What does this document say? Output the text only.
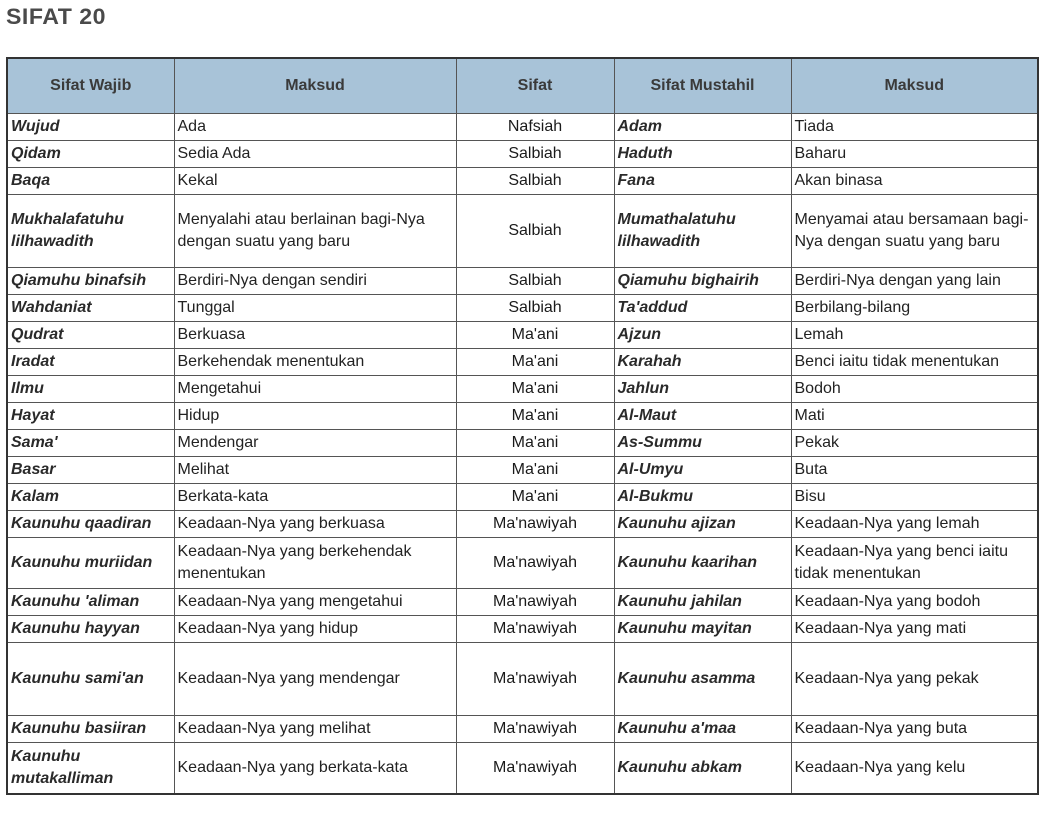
SIFAT 20
Sifat Wajib	Maksud	Sifat	Sifat Mustahil	Maksud
Wujud	Ada	Nafsiah	Adam	Tiada
Qidam	Sedia Ada	Salbiah	Haduth	Baharu
Baqa	Kekal	Salbiah	Fana	Akan binasa
Mukhalafatuhu lilhawadith	Menyalahi atau berlainan bagi-Nya dengan suatu yang baru	Salbiah	Mumathalatuhu lilhawadith	Menyamai atau bersamaan bagi-Nya dengan suatu yang baru
Qiamuhu binafsih	Berdiri-Nya dengan sendiri	Salbiah	Qiamuhu bighairih	Berdiri-Nya dengan yang lain
Wahdaniat	Tunggal	Salbiah	Ta'addud	Berbilang-bilang
Qudrat	Berkuasa	Ma'ani	Ajzun	Lemah
Iradat	Berkehendak menentukan	Ma'ani	Karahah	Benci iaitu tidak menentukan
Ilmu	Mengetahui	Ma'ani	Jahlun	Bodoh
Hayat	Hidup	Ma'ani	Al-Maut	Mati
Sama'	Mendengar	Ma'ani	As-Summu	Pekak
Basar	Melihat	Ma'ani	Al-Umyu	Buta
Kalam	Berkata-kata	Ma'ani	Al-Bukmu	Bisu
Kaunuhu qaadiran	Keadaan-Nya yang berkuasa	Ma'nawiyah	Kaunuhu ajizan	Keadaan-Nya yang lemah
Kaunuhu muriidan	Keadaan-Nya yang berkehendak menentukan	Ma'nawiyah	Kaunuhu kaarihan	Keadaan-Nya yang benci iaitu tidak menentukan
Kaunuhu 'aliman	Keadaan-Nya yang mengetahui	Ma'nawiyah	Kaunuhu jahilan	Keadaan-Nya yang bodoh
Kaunuhu hayyan	Keadaan-Nya yang hidup	Ma'nawiyah	Kaunuhu mayitan	Keadaan-Nya yang mati
Kaunuhu sami'an	Keadaan-Nya yang mendengar	Ma'nawiyah	Kaunuhu asamma	Keadaan-Nya yang pekak
Kaunuhu basiiran	Keadaan-Nya yang melihat	Ma'nawiyah	Kaunuhu a'maa	Keadaan-Nya yang buta
Kaunuhu mutakalliman	Keadaan-Nya yang berkata-kata	Ma'nawiyah	Kaunuhu abkam	Keadaan-Nya yang kelu
